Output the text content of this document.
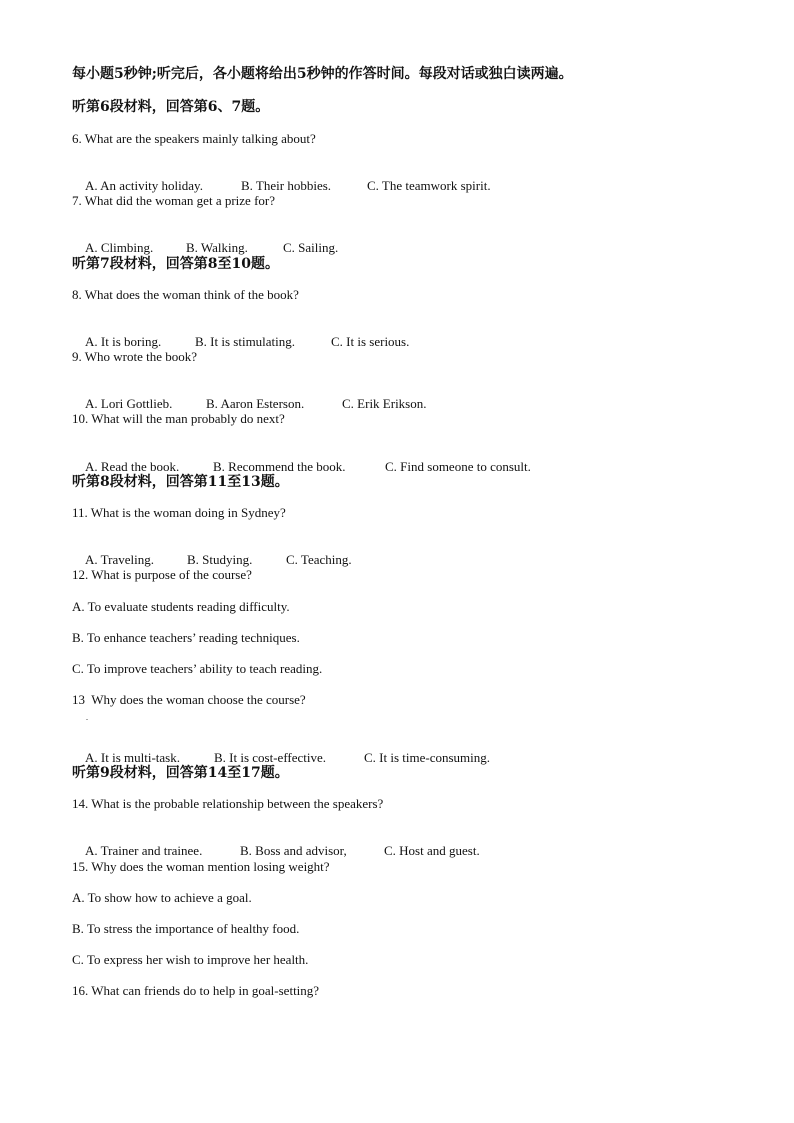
每小题5秒钟;听完后，各小题将给出5秒钟的作答时间。每段对话或独白读两遍。
听第6段材料，回答第6、7题。
6. What are the speakers mainly talking about?

A. An activity holiday.	B. Their hobbies.	C. The teamwork spirit.

7. What did the woman get a prize for?

A. Climbing.	B. Walking.	C. Sailing.

听第7段材料，回答第8至10题。
8. What does the woman think of the book?

A. It is boring.	B. It is stimulating.	C. It is serious.

9. Who wrote the book?

A. Lori Gottlieb.	B. Aaron Esterson.	C. Erik Erikson.

10. What will the man probably do next?

A. Read the book.	B. Recommend the book.	C. Find someone to consult.

听第8段材料，回答第11至13题。
11. What is the woman doing in Sydney?

A. Traveling.	B. Studying.	C. Teaching.

12. What is purpose of the course?
A. To evaluate students reading difficulty.
B. To enhance teachers’ reading techniques.
C. To improve teachers’ ability to teach reading.
13  Why does the woman choose the course?
.

A. It is multi-task.	B. It is cost-effective.	C. It is time-consuming.

听第9段材料，回答第14至17题。
14. What is the probable relationship between the speakers?

A. Trainer and trainee.	B. Boss and advisor,	C. Host and guest.

15. Why does the woman mention losing weight?
A. To show how to achieve a goal.
B. To stress the importance of healthy food.
C. To express her wish to improve her health.
16. What can friends do to help in goal-setting?
